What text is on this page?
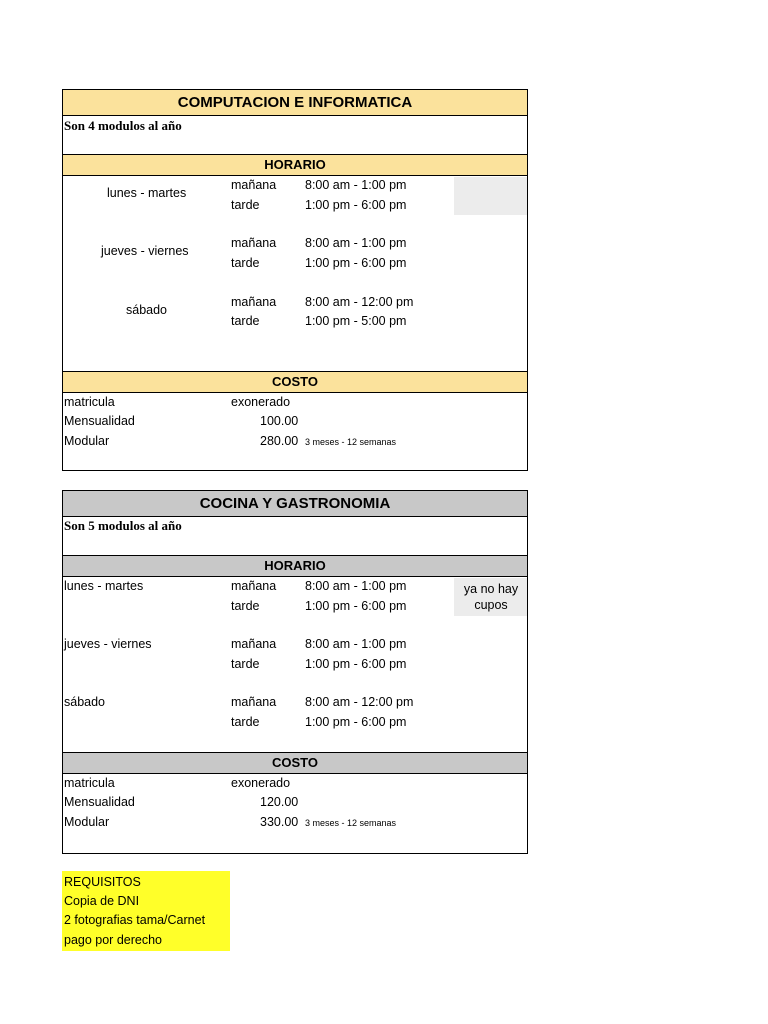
COMPUTACION E INFORMATICA
Son 4 modulos al año
HORARIO
lunes - martes
mañana 8:00 am - 1:00 pm
tarde	1:00 pm - 6:00 pm
jueves - viernes
mañana 8:00 am - 1:00 pm
tarde	1:00 pm - 6:00 pm
sábado
mañana 8:00 am - 12:00 pm
tarde	1:00 pm - 5:00 pm
COSTO
matricula	exonerado
Mensualidad	100.00
Modular	280.00 3 meses - 12 semanas
COCINA Y GASTRONOMIA
Son 5 modulos al año
HORARIO
ya no hay cupos
lunes - martes	mañana 8:00 am - 1:00 pm
tarde	1:00 pm - 6:00 pm
jueves - viernes	mañana 8:00 am - 1:00 pm
tarde	1:00 pm - 6:00 pm
sábado	mañana 8:00 am - 12:00 pm
tarde	1:00 pm - 6:00 pm
COSTO
matricula	exonerado
Mensualidad	120.00
Modular	330.00 3 meses - 12 semanas
REQUISITOS
Copia de DNI
2 fotografias tama/Carnet
pago por derecho
